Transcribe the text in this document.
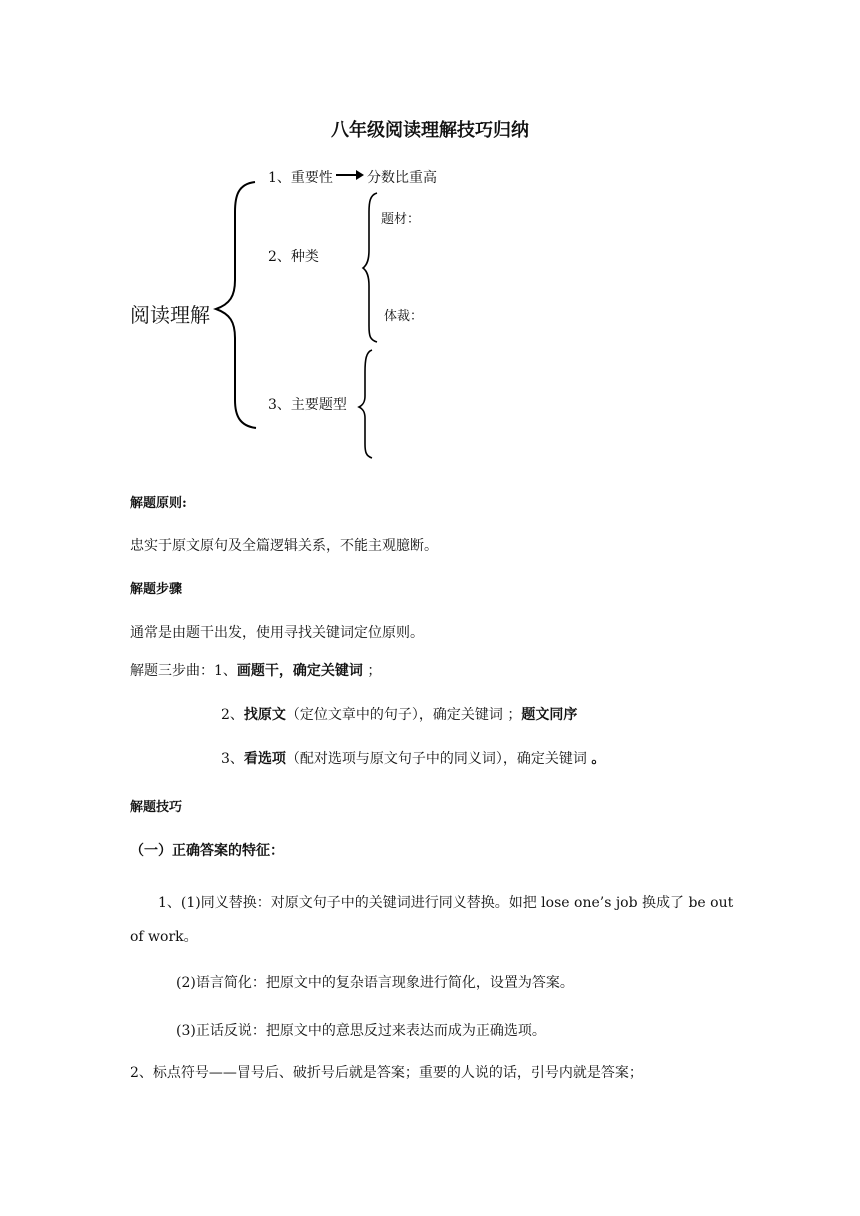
八年级阅读理解技巧归纳
阅读理解
1、重要性 分数比重高
2、种类
题材：
体裁：
3、主要题型
解题原则:
忠实于原文原句及全篇逻辑关系，不能主观臆断。
解题步骤
通常是由题干出发，使用寻找关键词定位原则。
解题三步曲：1、画题干，确定关键词 ；
2、找原文（定位文章中的句子），确定关键词 ；题文同序
3、看选项（配对选项与原文句子中的同义词），确定关键词 。
解题技巧
（一）正确答案的特征：
1、(1)同义替换：对原文句子中的关键词进行同义替换。如把 lose one’s job 换成了 be out
of work。
(2)语言简化：把原文中的复杂语言现象进行简化，设置为答案。
(3)正话反说：把原文中的意思反过来表达而成为正确选项。
2、标点符号——冒号后、破折号后就是答案；重要的人说的话，引号内就是答案；
